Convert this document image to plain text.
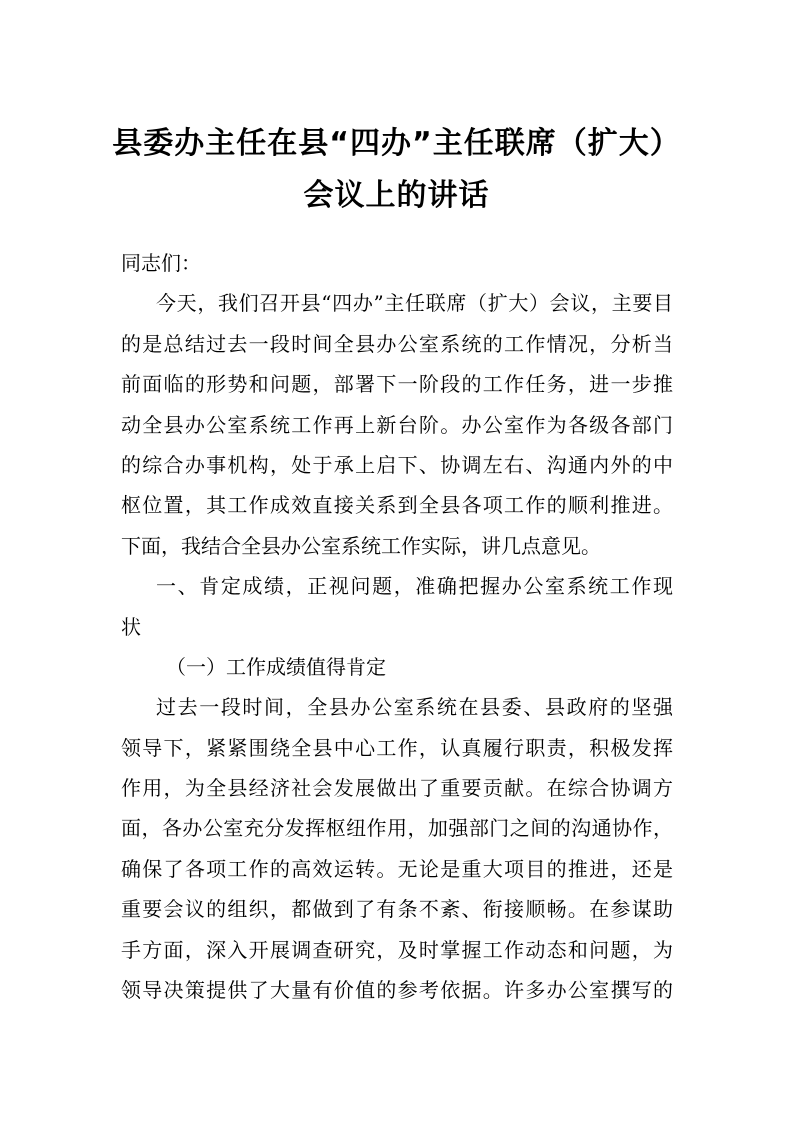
县委办主任在县“四办”主任联席（扩大）
会议上的讲话
同志们：
今天，我们召开县“四办”主任联席（扩大）会议，主要目
的是总结过去一段时间全县办公室系统的工作情况，分析当
前面临的形势和问题，部署下一阶段的工作任务，进一步推
动全县办公室系统工作再上新台阶。办公室作为各级各部门
的综合办事机构，处于承上启下、协调左右、沟通内外的中
枢位置，其工作成效直接关系到全县各项工作的顺利推进。
下面，我结合全县办公室系统工作实际，讲几点意见。
一、肯定成绩，正视问题，准确把握办公室系统工作现
状
（一）工作成绩值得肯定
过去一段时间，全县办公室系统在县委、县政府的坚强
领导下，紧紧围绕全县中心工作，认真履行职责，积极发挥
作用，为全县经济社会发展做出了重要贡献。在综合协调方
面，各办公室充分发挥枢纽作用，加强部门之间的沟通协作，
确保了各项工作的高效运转。无论是重大项目的推进，还是
重要会议的组织，都做到了有条不紊、衔接顺畅。在参谋助
手方面，深入开展调查研究，及时掌握工作动态和问题，为
领导决策提供了大量有价值的参考依据。许多办公室撰写的
